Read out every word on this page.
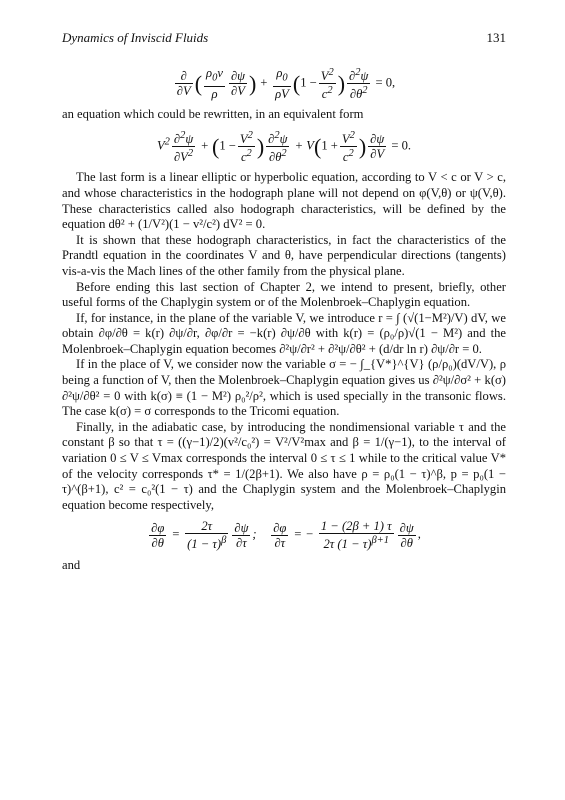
Dynamics of Inviscid Fluids	131
$\frac{\partial}{\partial V}$ ( $\frac{\rho_0v}{\rho} \frac{\partial\psi}{\partial V}$ ) + $\frac{\rho_0}{\rho V} (1 - \frac{V^2}{c^2}$ ) $\frac{\partial^2\psi}{\partial\theta^2} = 0$,

an equation which could be rewritten, in an equivalent form

$V^2 \frac{\partial^2\psi}{\partial V^2} + (1 - \frac{V^2}{c^2}$ ) $\frac{\partial^2\psi}{\partial\theta^2} + V(1 + \frac{V^2}{c^2}$ ) $\frac{\partial\psi}{\partial V} = 0$.

The last form is a linear elliptic or hyperbolic equation, according to V < c or V > c, and whose characteristics in the hodograph plane will not depend on φ(V,θ) or ψ(V,θ). These characteristics called also hodograph characteristics, will be defined by the equation dθ² + (1/V²)(1 − v²/c²) dV² = 0.

It is shown that these hodograph characteristics, in fact the characteristics of the Prandtl equation in the coordinates V and θ, have perpendicular directions (tangents) vis-a-vis the Mach lines of the other family from the physical plane.

Before ending this last section of Chapter 2, we intend to present, briefly, other useful forms of the Chaplygin system or of the Molenbroek–Chaplygin equation.

If, for instance, in the plane of the variable V, we introduce r = ∫ (√(1−M²)/V) dV, we obtain ∂φ/∂θ = k(r) ∂ψ/∂r, ∂φ/∂r = −k(r) ∂ψ/∂θ with k(r) = (ρ₀/ρ)√(1 − M²) and the Molenbroek–Chaplygin equation becomes ∂²ψ/∂r² + ∂²ψ/∂θ² + (d/dr ln r) ∂ψ/∂r = 0.

If in the place of V, we consider now the variable σ = − ∫_{V*}^{V} (ρ/ρ₀)(dV/V), ρ being a function of V, then the Molenbroek–Chaplygin equation gives us ∂²ψ/∂σ² + k(σ) ∂²ψ/∂θ² = 0 with k(σ) ≡ (1 − M²) ρ₀²/ρ², which is used specially in the transonic flows. The case k(σ) = σ corresponds to the Tricomi equation.

Finally, in the adiabatic case, by introducing the nondimensional variable τ and the constant β so that τ = ((γ−1)/2)(v²/c₀²) = V²/V²max and β = 1/(γ−1), to the interval of variation 0 ≤ V ≤ Vmax corresponds the interval 0 ≤ τ ≤ 1 while to the critical value V* of the velocity corresponds τ* = 1/(2β+1). We also have ρ = ρ₀(1 − τ)^β, p = p₀(1 − τ)^(β+1), c² = c₀²(1 − τ) and the Chaplygin system and the Molenbroek–Chaplygin equation become respectively,

$\frac{\partial\varphi}{\partial\theta} = \frac{2\tau}{(1 - \tau)^\beta} \frac{\partial\psi}{\partial\tau}$ ; $\frac{\partial\varphi}{\partial\tau}$ = − $\frac{1 - (2\beta + 1) \tau}{2\tau (1 - \tau)^{\beta+1}} \frac{\partial\psi}{\partial\theta}$ ,

and
